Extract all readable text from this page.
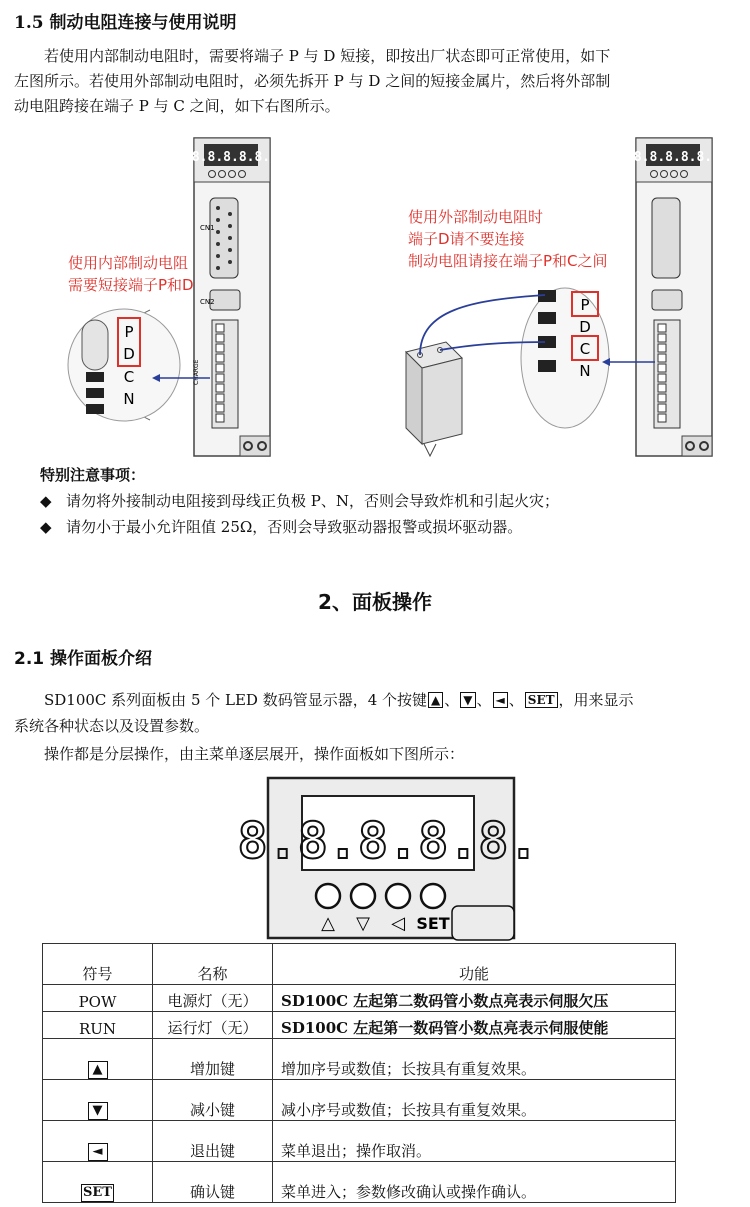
1.5 制动电阻连接与使用说明
若使用内部制动电阻时，需要将端子 P 与 D 短接，即按出厂状态即可正常使用，如下
左图所示。若使用外部制动电阻时，必须先拆开 P 与 D 之间的短接金属片，然后将外部制
动电阻跨接在端子 P 与 C 之间，如下右图所示。
8.8.8.8.8.
CN1
CN2
CHARGE
P
D
C
N
8.8.8.8.8.
P
D
C
N
使用内部制动电阻
需要短接端子P和D
使用外部制动电阻时
端子D请不要连接
制动电阻请接在端子P和C之间
特别注意事项：
◆ 请勿将外接制动电阻接到母线正负极 P、N，否则会导致炸机和引起火灾；
◆ 请勿小于最小允许阻值 25Ω，否则会导致驱动器报警或损坏驱动器。
2、面板操作
2.1 操作面板介绍
SD100C 系列面板由 5 个 LED 数码管显示器，4 个按键 ▲ 、 ▼ 、 ◄ 、 SET ，用来显示
系统各种状态以及设置参数。
操作都是分层操作，由主菜单逐层展开，操作面板如下图所示：
8.8.8.8.8.
△ ▽ ◁ SET
符号	名称	功能
POW	电源灯（无）	SD100C 左起第二数码管小数点亮表示伺服欠压
RUN	运行灯（无）	SD100C 左起第一数码管小数点亮表示伺服使能
▲	增加键	增加序号或数值；长按具有重复效果。
▼	减小键	减小序号或数值；长按具有重复效果。
◄	退出键	菜单退出；操作取消。
SET	确认键	菜单进入；参数修改确认或操作确认。
